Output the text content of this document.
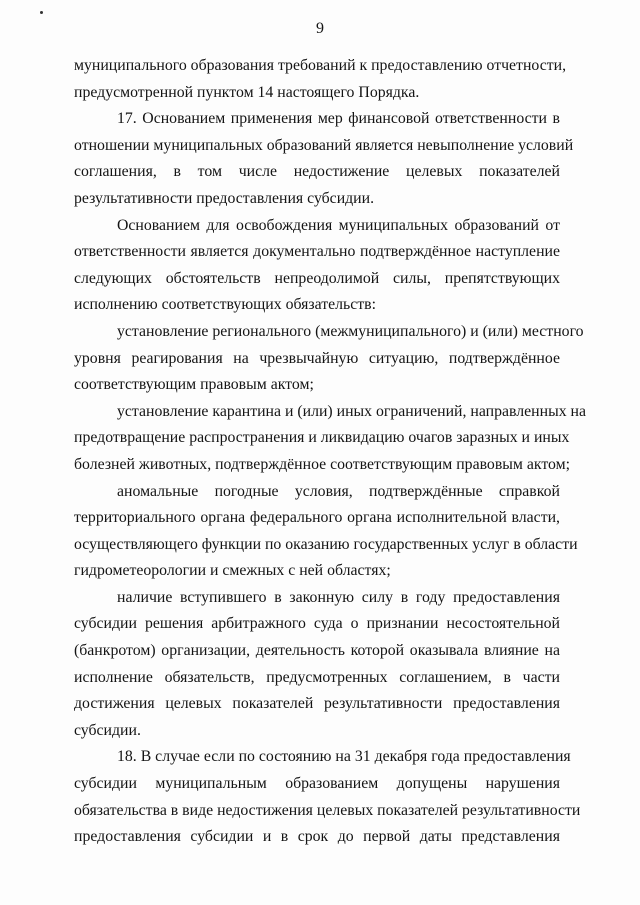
9
муниципального образования требований к предоставлению отчетности,
предусмотренной пунктом 14 настоящего Порядка.
17. Основанием применения мер финансовой ответственности в
отношении муниципальных образований является невыполнение условий
соглашения, в том числе недостижение целевых показателей
результативности предоставления субсидии.
Основанием для освобождения муниципальных образований от
ответственности является документально подтверждённое наступление
следующих обстоятельств непреодолимой силы, препятствующих
исполнению соответствующих обязательств:
установление регионального (межмуниципального) и (или) местного
уровня реагирования на чрезвычайную ситуацию, подтверждённое
соответствующим правовым актом;
установление карантина и (или) иных ограничений, направленных на
предотвращение распространения и ликвидацию очагов заразных и иных
болезней животных, подтверждённое соответствующим правовым актом;
аномальные погодные условия, подтверждённые справкой
территориального органа федерального органа исполнительной власти,
осуществляющего функции по оказанию государственных услуг в области
гидрометеорологии и смежных с ней областях;
наличие вступившего в законную силу в году предоставления
субсидии решения арбитражного суда о признании несостоятельной
(банкротом) организации, деятельность которой оказывала влияние на
исполнение обязательств, предусмотренных соглашением, в части
достижения целевых показателей результативности предоставления
субсидии.
18. В случае если по состоянию на 31 декабря года предоставления
субсидии муниципальным образованием допущены нарушения
обязательства в виде недостижения целевых показателей результативности
предоставления субсидии и в срок до первой даты представления
